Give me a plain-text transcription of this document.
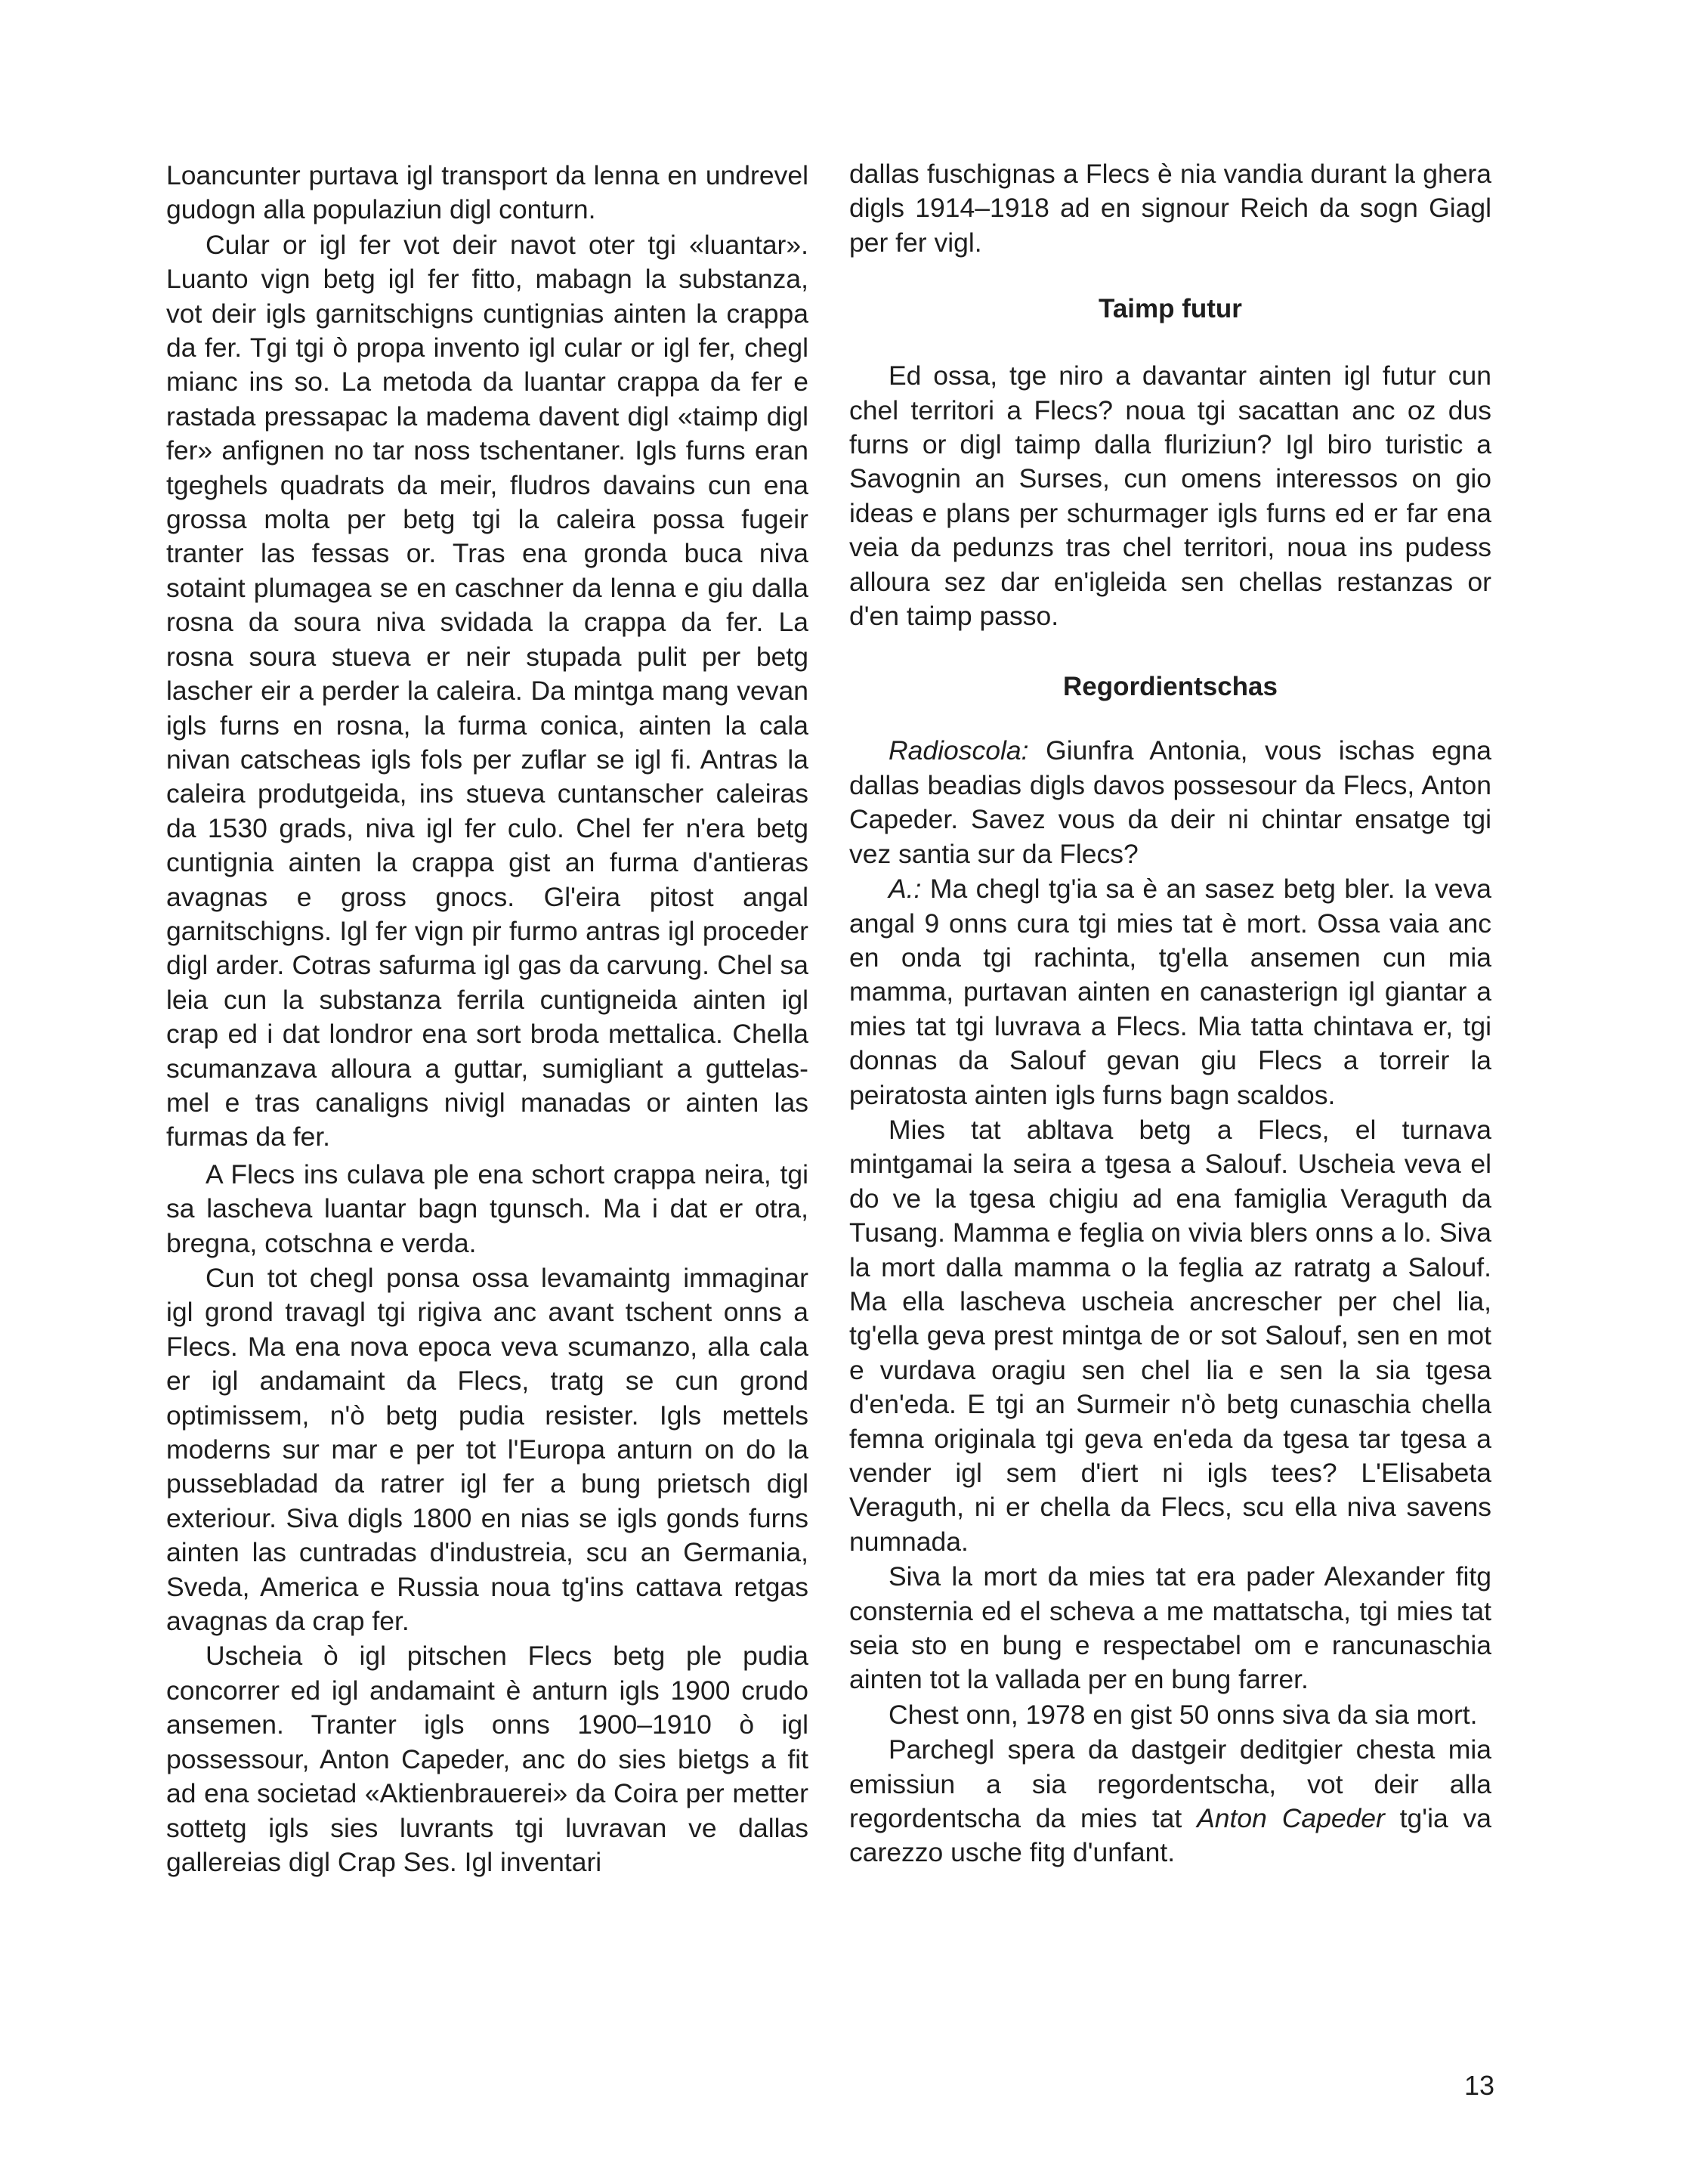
Loancunter purtava igl transport da lenna en undrevel gudogn alla populaziun digl conturn.

Cular or igl fer vot deir navot oter tgi «luantar». Luanto vign betg igl fer fitto, mabagn la substanza, vot deir igls garnitschigns cuntignias ainten la crappa da fer. Tgi tgi ò propa invento igl cular or igl fer, chegl mianc ins so. La metoda da luantar crappa da fer e rastada pressapac la madema davent digl «taimp digl fer» anfignen no tar noss tschentaner. Igls furns eran tgeghels quadrats da meir, fludros davains cun ena grossa molta per betg tgi la caleira possa fugeir tranter las fessas or. Tras ena gronda buca niva sotaint plumagea se en caschner da lenna e giu dalla rosna da soura niva svidada la crappa da fer. La rosna soura stueva er neir stupada pulit per betg lascher eir a perder la caleira. Da mintga mang vevan igls furns en rosna, la furma conica, ainten la cala nivan catscheas igls fols per zuflar se igl fi. Antras la caleira produtgeida, ins stueva cuntanscher caleiras da 1530 grads, niva igl fer culo. Chel fer n'era betg cuntignia ainten la crappa gist an furma d'antieras avagnas e gross gnocs. Gl'eira pitost angal garnitschigns. Igl fer vign pir furmo antras igl proceder digl arder. Cotras safurma igl gas da carvung. Chel sa leia cun la substanza ferrila cuntigneida ainten igl crap ed i dat londror ena sort broda mettalica. Chella scumanzava alloura a guttar, sumigliant a guttelas-mel e tras canaligns nivigl manadas or ainten las furmas da fer.

A Flecs ins culava ple ena schort crappa neira, tgi sa lascheva luantar bagn tgunsch. Ma i dat er otra, bregna, cotschna e verda.

Cun tot chegl ponsa ossa levamaintg immaginar igl grond travagl tgi rigiva anc avant tschent onns a Flecs. Ma ena nova epoca veva scumanzo, alla cala er igl andamaint da Flecs, tratg se cun grond optimissem, n'ò betg pudia resister. Igls mettels moderns sur mar e per tot l'Europa anturn on do la pussebladad da ratrer igl fer a bung prietsch digl exteriour. Siva digls 1800 en nias se igls gonds furns ainten las cuntradas d'industreia, scu an Germania, Sveda, America e Russia noua tg'ins cattava retgas avagnas da crap fer.

Uscheia ò igl pitschen Flecs betg ple pudia concorrer ed igl andamaint è anturn igls 1900 crudo ansemen. Tranter igls onns 1900–1910 ò igl possessour, Anton Capeder, anc do sies bietgs a fit ad ena societad «Aktienbrauerei» da Coira per metter sottetg igls sies luvrants tgi luvravan ve dallas gallereias digl Crap Ses. Igl inventari

dallas fuschignas a Flecs è nia vandia durant la ghera digls 1914–1918 ad en signour Reich da sogn Giagl per fer vigl.

Taimp futur

Ed ossa, tge niro a davantar ainten igl futur cun chel territori a Flecs? noua tgi sacattan anc oz dus furns or digl taimp dalla fluriziun? Igl biro turistic a Savognin an Surses, cun omens interessos on gio ideas e plans per schurmager igls furns ed er far ena veia da pedunzs tras chel territori, noua ins pudess alloura sez dar en'igleida sen chellas restanzas or d'en taimp passo.

Regordientschas

Radioscola: Giunfra Antonia, vous ischas egna dallas beadias digls davos possesour da Flecs, Anton Capeder. Savez vous da deir ni chintar ensatge tgi vez santia sur da Flecs?

A.: Ma chegl tg'ia sa è an sasez betg bler. Ia veva angal 9 onns cura tgi mies tat è mort. Ossa vaia anc en onda tgi rachinta, tg'ella ansemen cun mia mamma, purtavan ainten en canasterign igl giantar a mies tat tgi luvrava a Flecs. Mia tatta chintava er, tgi donnas da Salouf gevan giu Flecs a torreir la peiratosta ainten igls furns bagn scaldos.

Mies tat abltava betg a Flecs, el turnava mintgamai la seira a tgesa a Salouf. Uscheia veva el do ve la tgesa chigiu ad ena famiglia Veraguth da Tusang. Mamma e feglia on vivia blers onns a lo. Siva la mort dalla mamma o la feglia az ratratg a Salouf. Ma ella lascheva uscheia ancrescher per chel lia, tg'ella geva prest mintga de or sot Salouf, sen en mot e vurdava oragiu sen chel lia e sen la sia tgesa d'en'eda. E tgi an Surmeir n'ò betg cunaschia chella femna originala tgi geva en'eda da tgesa tar tgesa a vender igl sem d'iert ni igls tees? L'Elisabeta Veraguth, ni er chella da Flecs, scu ella niva savens numnada.

Siva la mort da mies tat era pader Alexander fitg consternia ed el scheva a me mattatscha, tgi mies tat seia sto en bung e respectabel om e rancunaschia ainten tot la vallada per en bung farrer.

Chest onn, 1978 en gist 50 onns siva da sia mort.

Parchegl spera da dastgeir deditgier chesta mia emissiun a sia regordentscha, vot deir alla regordentscha da mies tat Anton Capeder tg'ia va carezzo usche fitg d'unfant.

13
